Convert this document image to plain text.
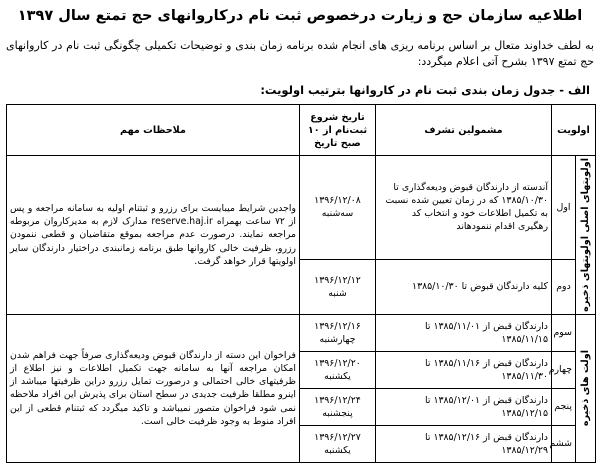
اطلاعیه سازمان حج و زیارت درخصوص ثبت نام درکاروانهای حج تمتع سال ۱۳۹۷
به لطف خداوند متعال بر اساس برنامه ریزی های انجام شده برنامه زمان بندی و توضیحات تکمیلی چگونگی ثبت نام در کاروانهای حج تمتع ۱۳۹۷ بشرح آتی اعلام میگردد:
الف - جدول زمان بندی ثبت نام در کاروانها بترتیب اولویت:
اولویت		مشمولین تشرف	تاریخ شروع ثبت‌نام از ۱۰ صبح تاریخ	ملاحظات مهم

اولویتهای اصلی اولویتهای ذخیره	اول	آندسته از دارندگان قبوض ودیعه‌گذاری تا ۱۳۸۵/۱۰/۳۰ که در زمان تعیین شده نسبت به تکمیل اطلاعات خود و انتخاب کد رهگیری اقدام ننمودهاند	۱۳۹۶/۱۲/۰۸
سه‌شنبه	واجدین شرایط میبایست برای رزرو و ثبتنام اولیه به سامانه مراجعه و پس از ۷۲ ساعت بهمراه reserve.haj.ir مدارک لازم به مدیرکاروان مربوطه مراجعه نمایند. درصورت عدم مراجعه بموقع متقاضیان و قطعی ننمودن رزرو، ظرفیت خالی کاروانها طبق برنامه زمانبندی دراختیار دارندگان سایر اولویتها قرار خواهد گرفت.
	دوم	کلیه دارندگان قبوض تا ۱۳۸۵/۱۰/۳۰	۱۳۹۶/۱۲/۱۲
شنبه	

اولت های ذخیره	سوم	دارندگان قبض از ۱۳۸۵/۱۱/۰۱ تا ۱۳۸۵/۱۱/۱۵	۱۳۹۶/۱۲/۱۶
چهارشنبه	فراخوان این دسته از دارندگان قبوض ودیعه‌گذاری صرفاً جهت فراهم شدن امکان مراجعه آنها به سامانه جهت تکمیل اطلاعات و نیز اطلاع از ظرفیتهای خالی احتمالی و درصورت تمایل رزرو دراین ظرفیتها میباشد از اینرو مطلقا ظرفیت جدیدی در سطح استان برای پذیرش این افراد ملاحظه نمی شود فراخوان متصور نمیباشد و تاکید میگردد که ثبتنام قطعی از این افراد منوط به وجود ظرفیت خالی است.
	چهارم	دارندگان قبض از ۱۳۸۵/۱۱/۱۶ تا ۱۳۸۵/۱۱/۳۰	۱۳۹۶/۱۲/۲۰
یکشنبه	

	پنجم	دارندگان قبض از ۱۳۸۵/۱۲/۰۱ تا ۱۳۸۵/۱۲/۱۵	۱۳۹۶/۱۲/۲۴
پنجشنبه	

	ششم	دارندگان قبض از ۱۳۸۵/۱۲/۱۶ تا ۱۳۸۵/۱۲/۲۹	۱۳۹۶/۱۲/۲۷
یکشنبه	
